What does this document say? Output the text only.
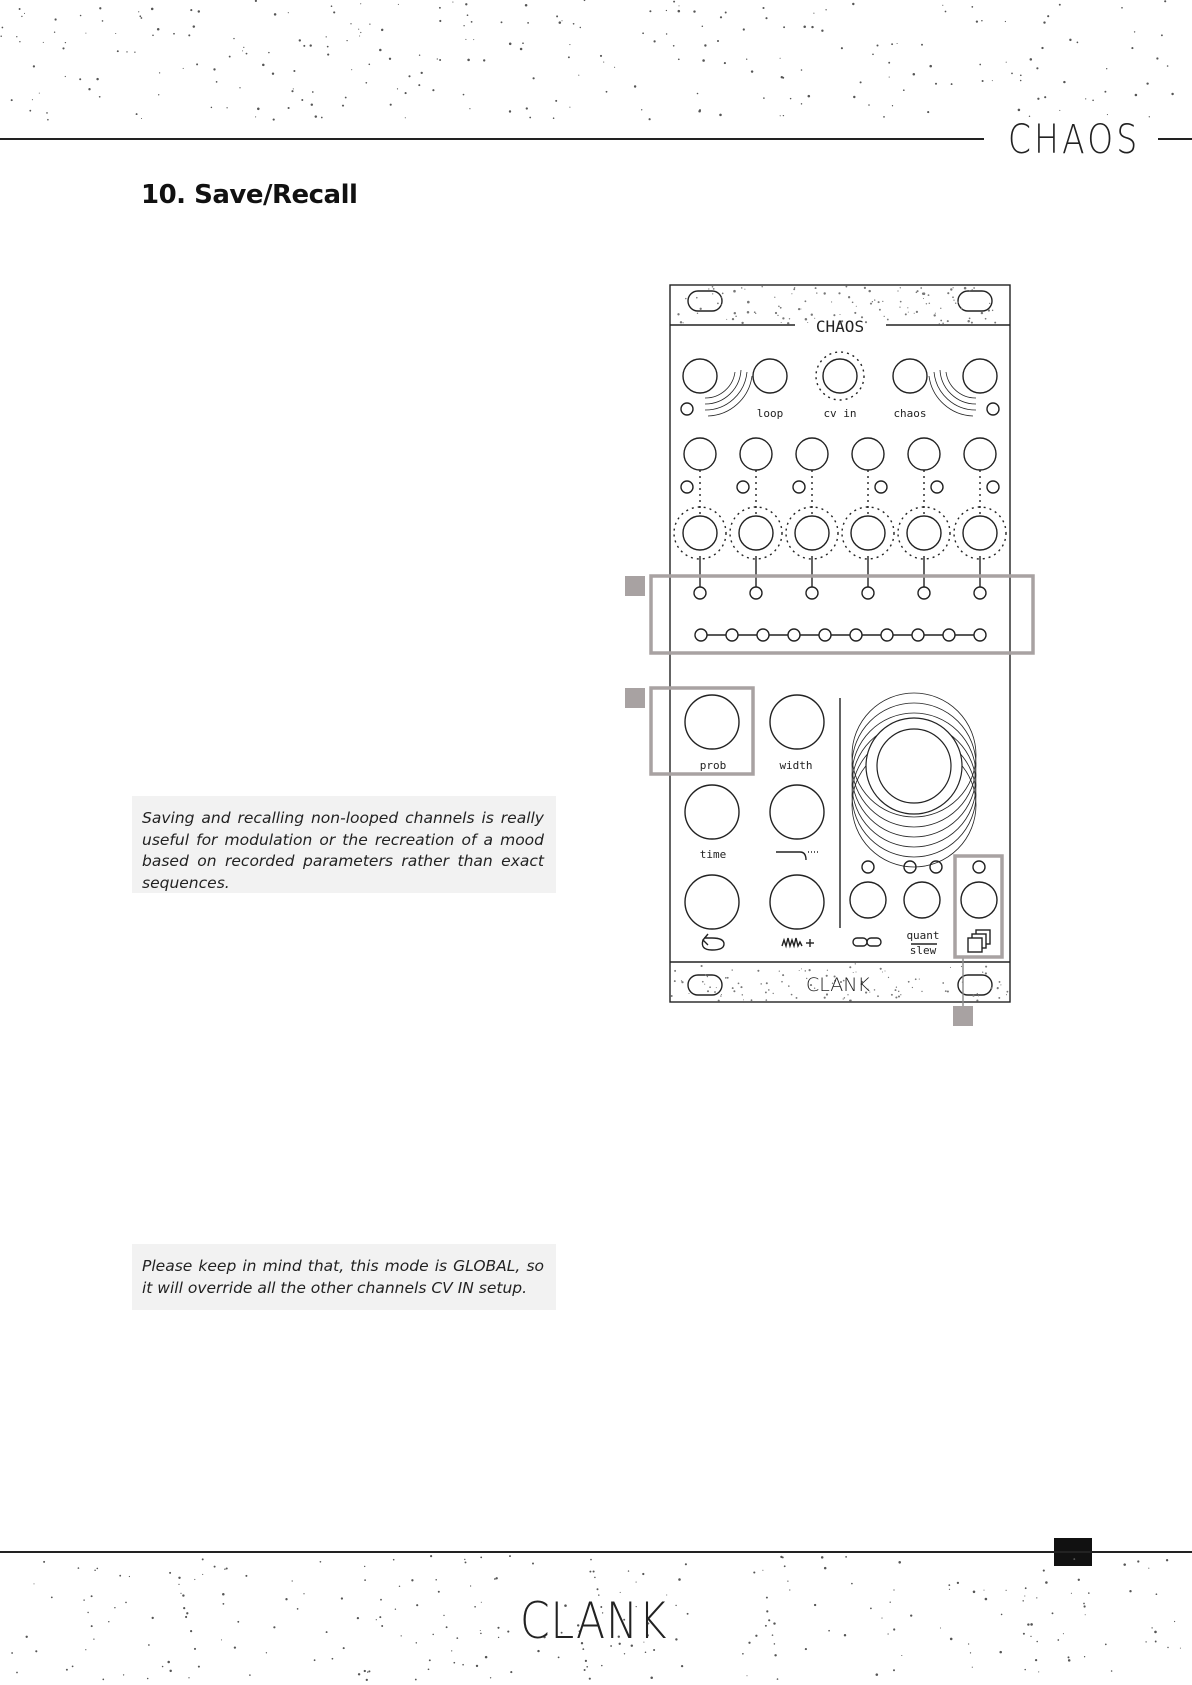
CHAOS
10. Save/Recall
Saving and recalling non-looped channels is really useful for modulation or the recreation of a mood based on recorded parameters rather than exact sequences.
Please keep in mind that, this mode is GLOBAL, so it will override all the other channels CV IN setup.
CHAOS
loop	cv in	chaos
prob	width
time
quant
slew
CLANK
CLANK
